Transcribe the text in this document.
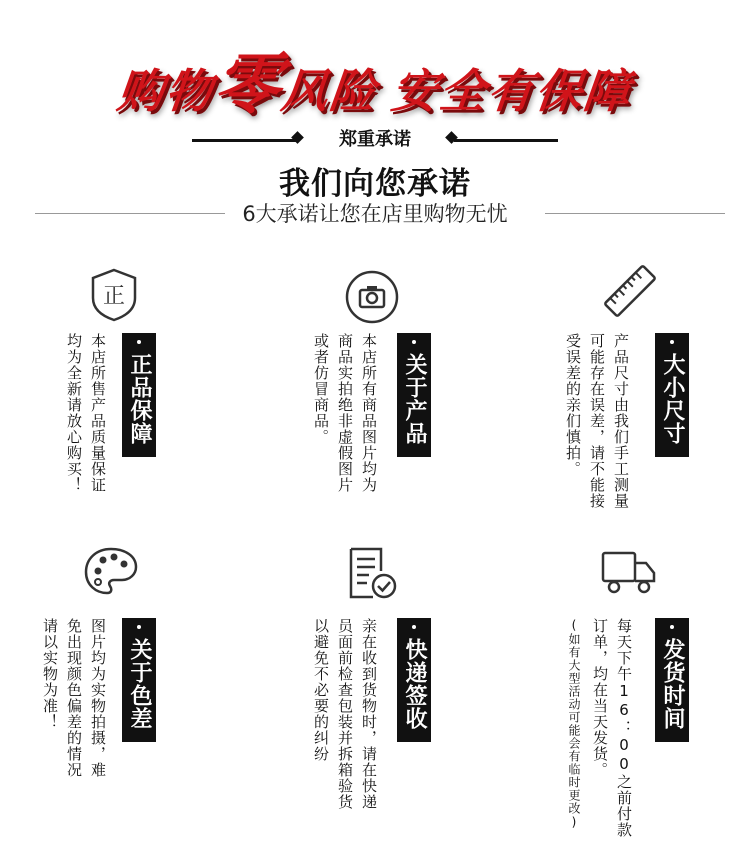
购物零风险 安全有保障
郑重承诺
我们向您承诺
6大承诺让您在店里购物无忧
正
正品保障
本店所售产品质量保证
均为全新请放心购买！	关于产品
本店所有商品图片均为
商品实拍绝非虚假图片
或者仿冒商品。	大小尺寸
产品尺寸由我们手工测量
可能存在误差，请不能接
受误差的亲们慎拍。
关于色差
图片均为实物拍摄，难
免出现颜色偏差的情况
请以实物为准！	快递签收
亲在收到货物时，请在快递
员面前检查包装并拆箱验货
以避免不必要的纠纷	发货时间
每天下午16：00之前付款
订单，均在当天发货。
(如有大型活动可能会有临时更改)
